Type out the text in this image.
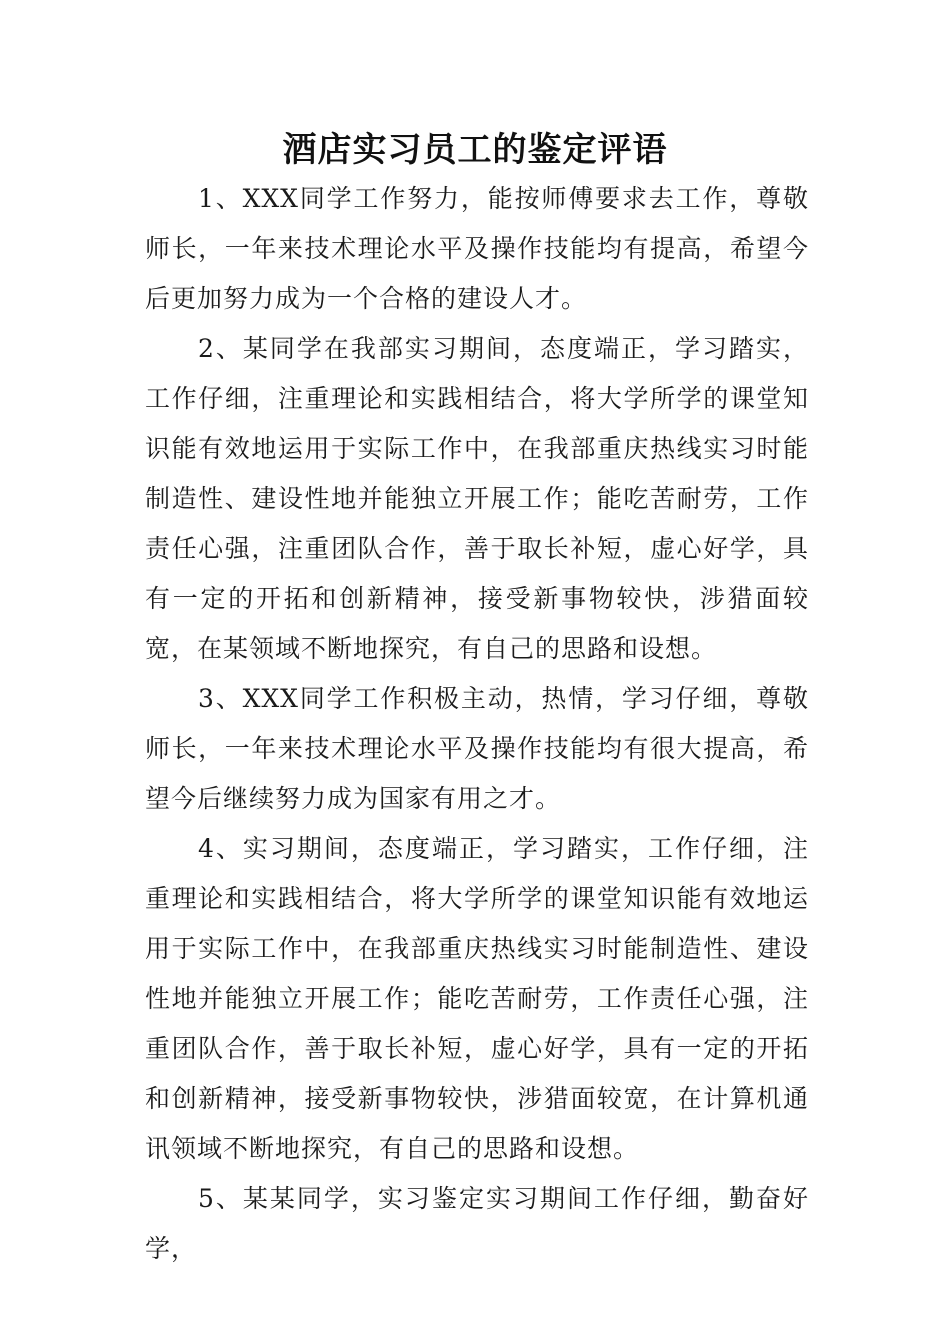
酒店实习员工的鉴定评语

1、XXX同学工作努力，能按师傅要求去工作，尊敬师长，一年来技术理论水平及操作技能均有提高，希望今后更加努力成为一个合格的建设人才。

2、某同学在我部实习期间，态度端正，学习踏实，工作仔细，注重理论和实践相结合，将大学所学的课堂知识能有效地运用于实际工作中，在我部重庆热线实习时能制造性、建设性地并能独立开展工作；能吃苦耐劳，工作责任心强，注重团队合作，善于取长补短，虚心好学，具有一定的开拓和创新精神，接受新事物较快，涉猎面较宽，在某领域不断地探究，有自己的思路和设想。

3、XXX同学工作积极主动，热情，学习仔细，尊敬师长，一年来技术理论水平及操作技能均有很大提高，希望今后继续努力成为国家有用之才。

4、实习期间，态度端正，学习踏实，工作仔细，注重理论和实践相结合，将大学所学的课堂知识能有效地运用于实际工作中，在我部重庆热线实习时能制造性、建设性地并能独立开展工作；能吃苦耐劳，工作责任心强，注重团队合作，善于取长补短，虚心好学，具有一定的开拓和创新精神，接受新事物较快，涉猎面较宽，在计算机通讯领域不断地探究，有自己的思路和设想。

5、某某同学，实习鉴定实习期间工作仔细，勤奋好学，
